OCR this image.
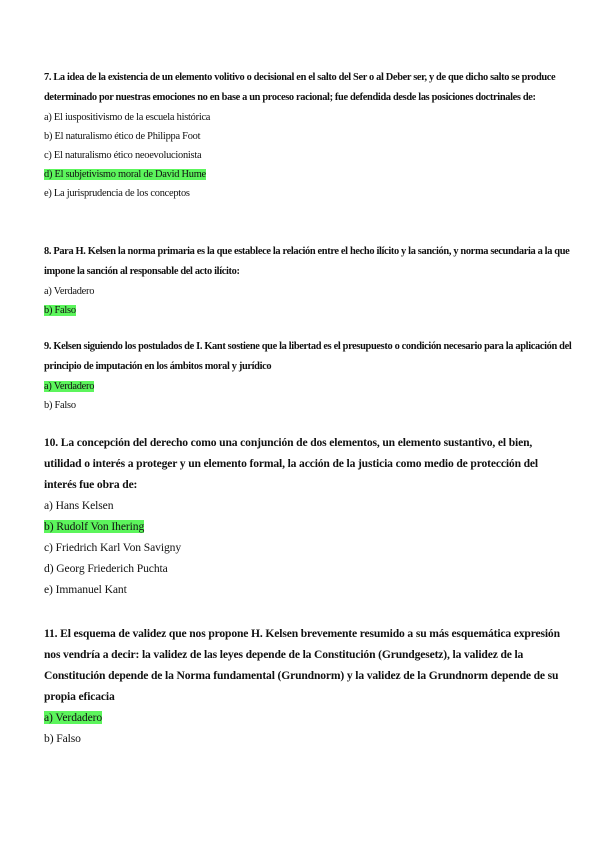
7. La idea de la existencia de un elemento volitivo o decisional en el salto del Ser o al Deber ser, y de que dicho salto se produce determinado por nuestras emociones no en base a un proceso racional; fue defendida desde las posiciones doctrinales de:

a) El iuspositivismo de la escuela histórica

b) El naturalismo ético de Philippa Foot

c) El naturalismo ético neoevolucionista

d) El subjetivismo moral de David Hume

e) La jurisprudencia de los conceptos

8. Para H. Kelsen la norma primaria es la que establece la relación entre el hecho ilícito y la sanción, y norma secundaria a la que impone la sanción al responsable del acto ilícito:

a) Verdadero

b) Falso

9. Kelsen siguiendo los postulados de I. Kant sostiene que la libertad es el presupuesto o condición necesario para la aplicación del principio de imputación en los ámbitos moral y jurídico

a) Verdadero

b) Falso

10. La concepción del derecho como una conjunción de dos elementos, un elemento sustantivo, el bien, utilidad o interés a proteger y un elemento formal, la acción de la justicia como medio de protección del interés fue obra de:

a) Hans Kelsen

b) Rudolf Von Ihering

c) Friedrich Karl Von Savigny

d) Georg Friederich Puchta

e) Immanuel Kant

11. El esquema de validez que nos propone H. Kelsen brevemente resumido a su más esquemática expresión nos vendría a decir: la validez de las leyes depende de la Constitución (Grundgesetz), la validez de la Constitución depende de la Norma fundamental (Grundnorm) y la validez de la Grundnorm depende de su propia eficacia

a) Verdadero

b) Falso
